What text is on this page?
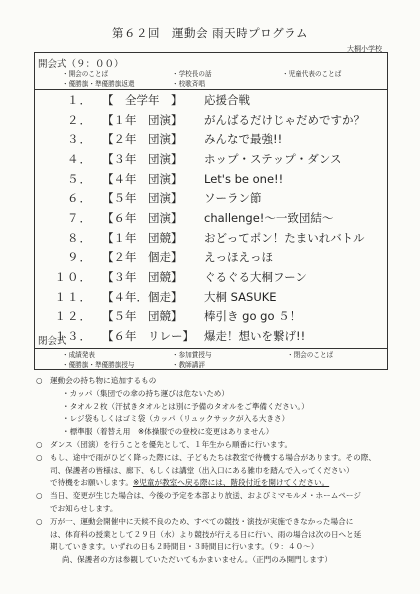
第６２回　運動会 雨天時プログラム
大桐小学校
開会式（９：００）
・開会のことば	・学校長の話	・児童代表のことば
・優勝旗・準優勝旗返還	・校歌斉唱
１． 【　全学年　】	応援合戦
２． 【１年　団演】	がんばるだけじゃだめですか？
３． 【２年　団演】	みんなで最強!!
４． 【３年　団演】	ホップ・ステップ・ダンス
５． 【４年　団演】	Let's be one!!
６． 【５年　団演】	ソーラン節
７． 【６年　団演】	challenge!〜一致団結〜
８． 【１年　団競】	おどってポン！たまいれバトル
９． 【２年　個走】	えっほえっほ
１０． 【３年　団競】	ぐるぐる大桐フーン
１１． 【４年．個走】	大桐 SASUKE
１２． 【５年　団競】	棒引き go go ５！
１３． 【６年　リレー】 爆走！想いを繋げ!!
閉会式
・成績発表	・参加賞授与	・閉会のことば
・優勝旗・準優勝旗授与	・教師講評
○ 運動会の持ち物に追加するもの
・カッパ（集団での傘の持ち運びは危ないため）
・タオル２枚（汗拭きタオルとは別に予備のタオルをご準備ください。）
・レジ袋もしくはゴミ袋（カッパ（リュックサックが入る大きさ）
・標準服（着替え用　※体操服での登校に変更はありません）
○ ダンス（団演）を行うことを優先として、１年生から順番に行います。
○ もし、途中で雨がひどく降った際には、子どもたちは教室で待機する場合があります。その際、
司、保護者の皆様は、廊下、もしくは講堂（出入口にある雑巾を踏んで入ってください）
で待機をお願いします。※児童が教室へ戻る際には、階段付近を開けてください。
○ 当日、変更が生じた場合は、今後の予定を本部より放送、およびミマモルメ・ホームページ
でお知らせします。
○ 万が一、運動会開催中に天候不良のため、すべての競技・演技が実施できなかった場合に
は、体育科の授業として２９日（水）より競技が行える日に行い、雨の場合は次の日へと延
期していきます。いずれの日も２時間目・３時間目に行います。（９：４０〜）
尚、保護者の方は参観していただいてもかまいません。（正門のみ開門します）
